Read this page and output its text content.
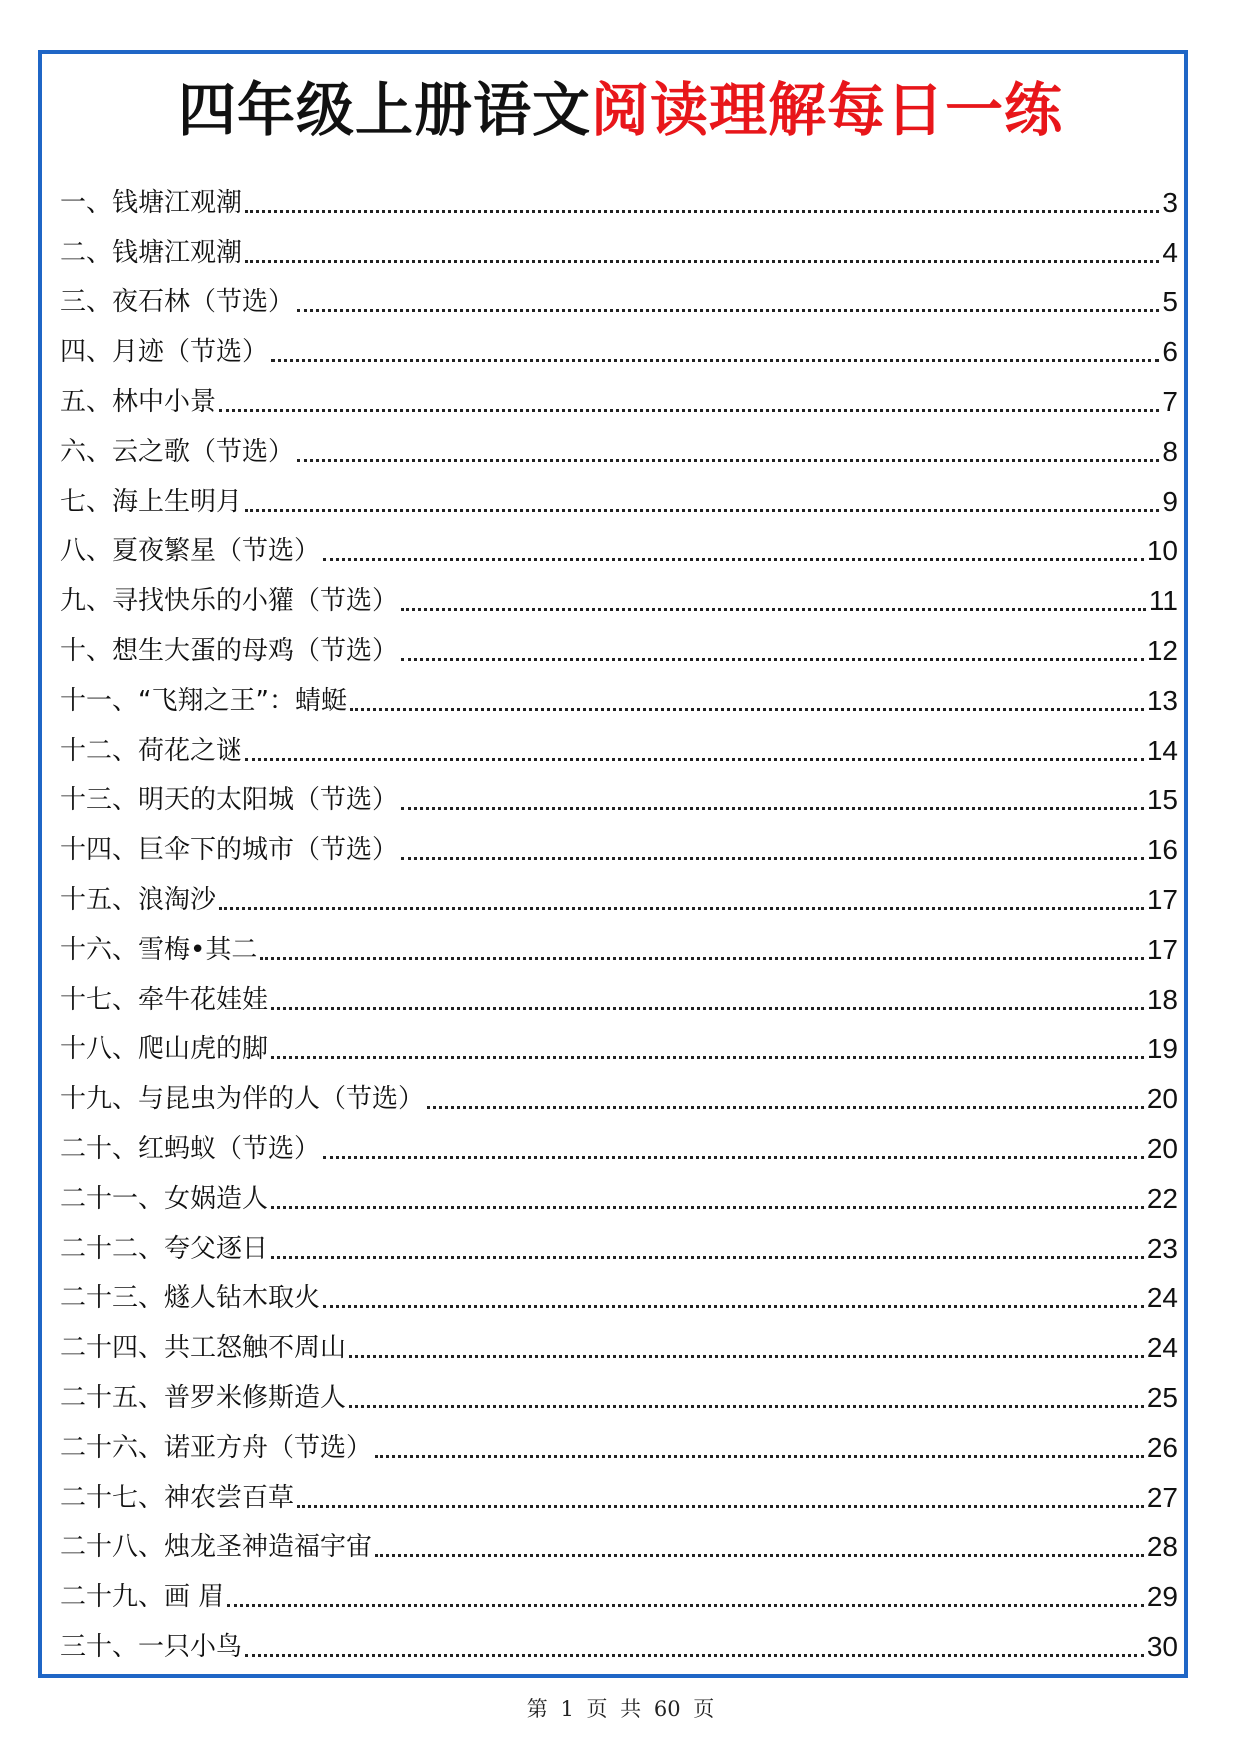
四年级上册语文阅读理解每日一练
一、钱塘江观潮	3
二、钱塘江观潮	4
三、夜石林（节选）	5
四、月迹（节选）	6
五、林中小景	7
六、云之歌（节选）	8
七、海上生明月	9
八、夏夜繁星（节选）	10
九、寻找快乐的小獾（节选）	11
十、想生大蛋的母鸡（节选）	12
十一、“飞翔之王”：蜻蜓	13
十二、荷花之谜	14
十三、明天的太阳城（节选）	15
十四、巨伞下的城市（节选）	16
十五、浪淘沙	17
十六、雪梅•其二	17
十七、牵牛花娃娃	18
十八、爬山虎的脚	19
十九、与昆虫为伴的人（节选）	20
二十、红蚂蚁（节选）	20
二十一、女娲造人	22
二十二、夸父逐日	23
二十三、燧人钻木取火	24
二十四、共工怒触不周山	24
二十五、普罗米修斯造人	25
二十六、诺亚方舟（节选）	26
二十七、神农尝百草	27
二十八、烛龙圣神造福宇宙	28
二十九、画 眉	29
三十、一只小鸟	30
第 1 页 共 60 页
